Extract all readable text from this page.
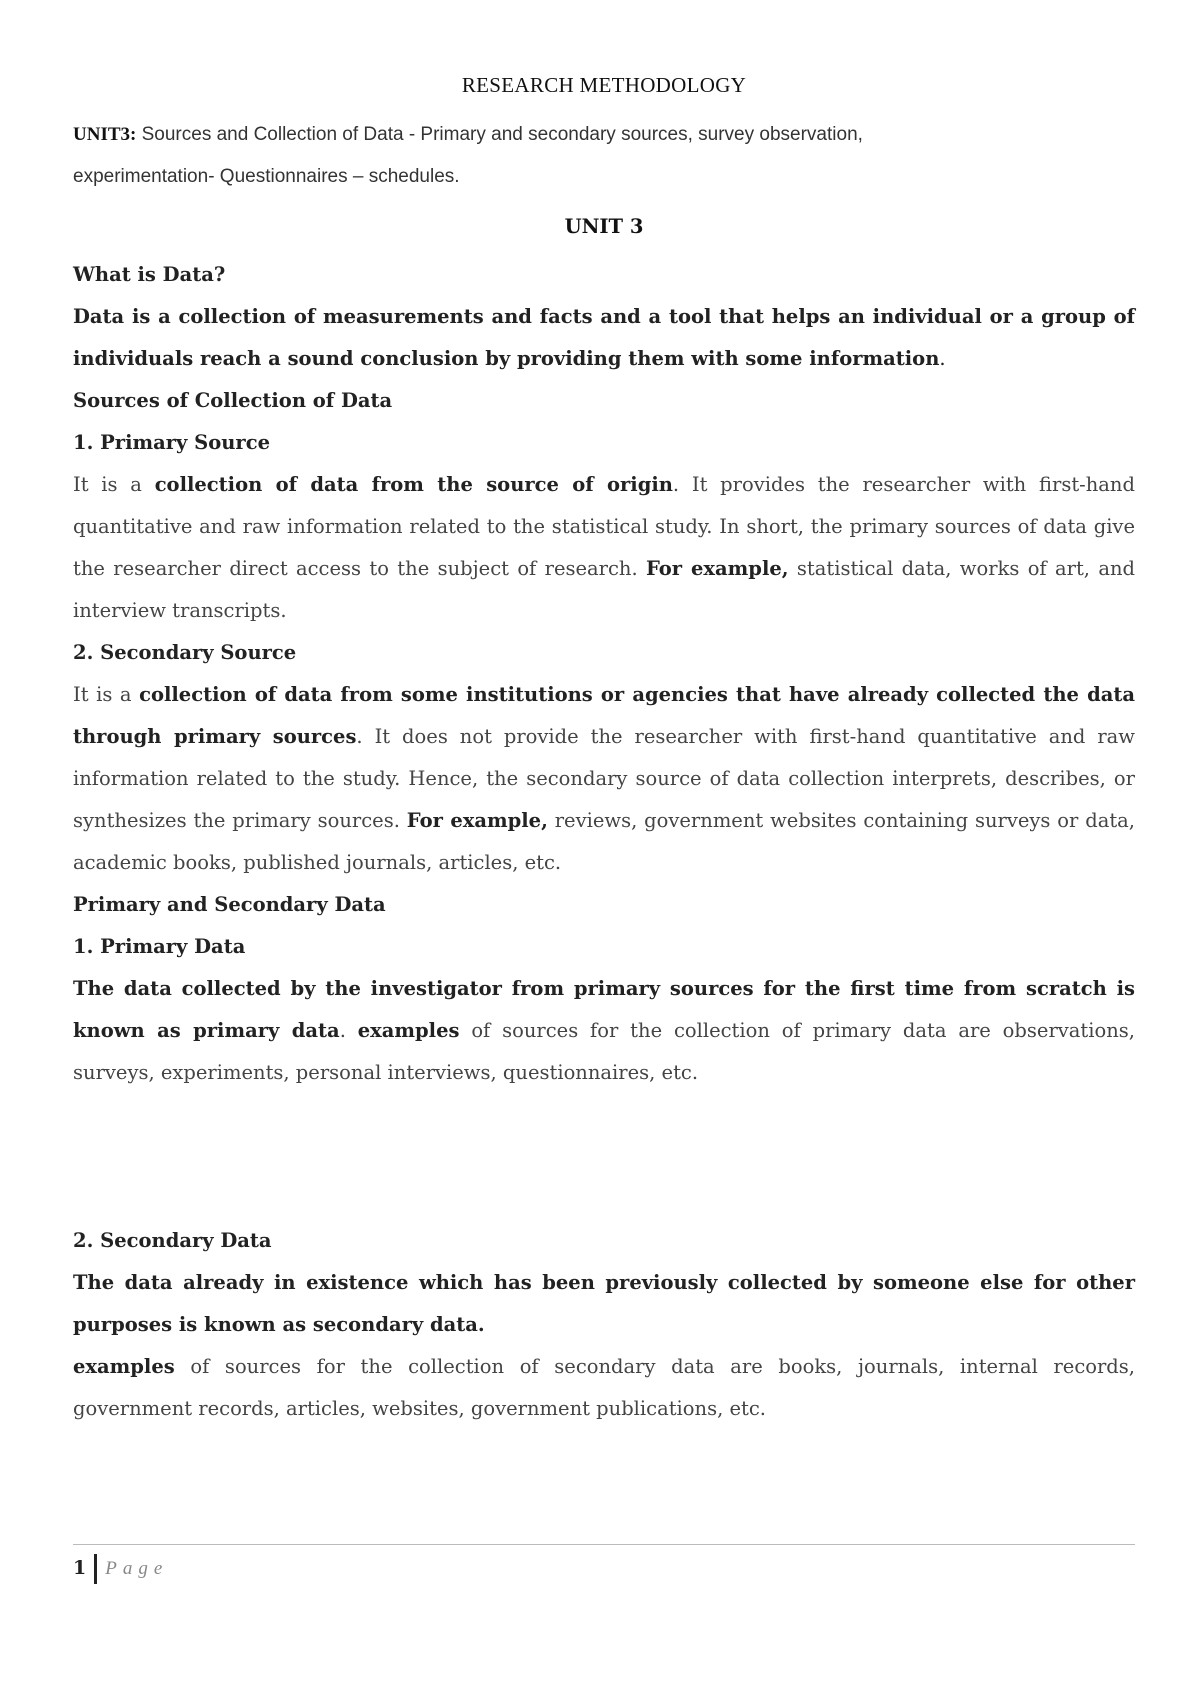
RESEARCH METHODOLOGY

UNIT3: Sources and Collection of Data - Primary and secondary sources, survey observation,
experimentation- Questionnaires – schedules.

UNIT 3
What is Data?

Data is a collection of measurements and facts and a tool that helps an individual or a group of individuals reach a sound conclusion by providing them with some information.

Sources of Collection of Data
1. Primary Source

It is a collection of data from the source of origin. It provides the researcher with first-hand quantitative and raw information related to the statistical study. In short, the primary sources of data give the researcher direct access to the subject of research. For example, statistical data, works of art, and interview transcripts.

2. Secondary Source

It is a collection of data from some institutions or agencies that have already collected the data through primary sources. It does not provide the researcher with first-hand quantitative and raw information related to the study. Hence, the secondary source of data collection interprets, describes, or synthesizes the primary sources. For example, reviews, government websites containing surveys or data, academic books, published journals, articles, etc.

Primary and Secondary Data
1. Primary Data

The data collected by the investigator from primary sources for the first time from scratch is known as primary data. examples of sources for the collection of primary data are observations, surveys, experiments, personal interviews, questionnaires, etc.

2. Secondary Data

The data already in existence which has been previously collected by someone else for other purposes is known as secondary data.

examples of sources for the collection of secondary data are books, journals, internal records, government records, articles, websites, government publications, etc.

1 Page
